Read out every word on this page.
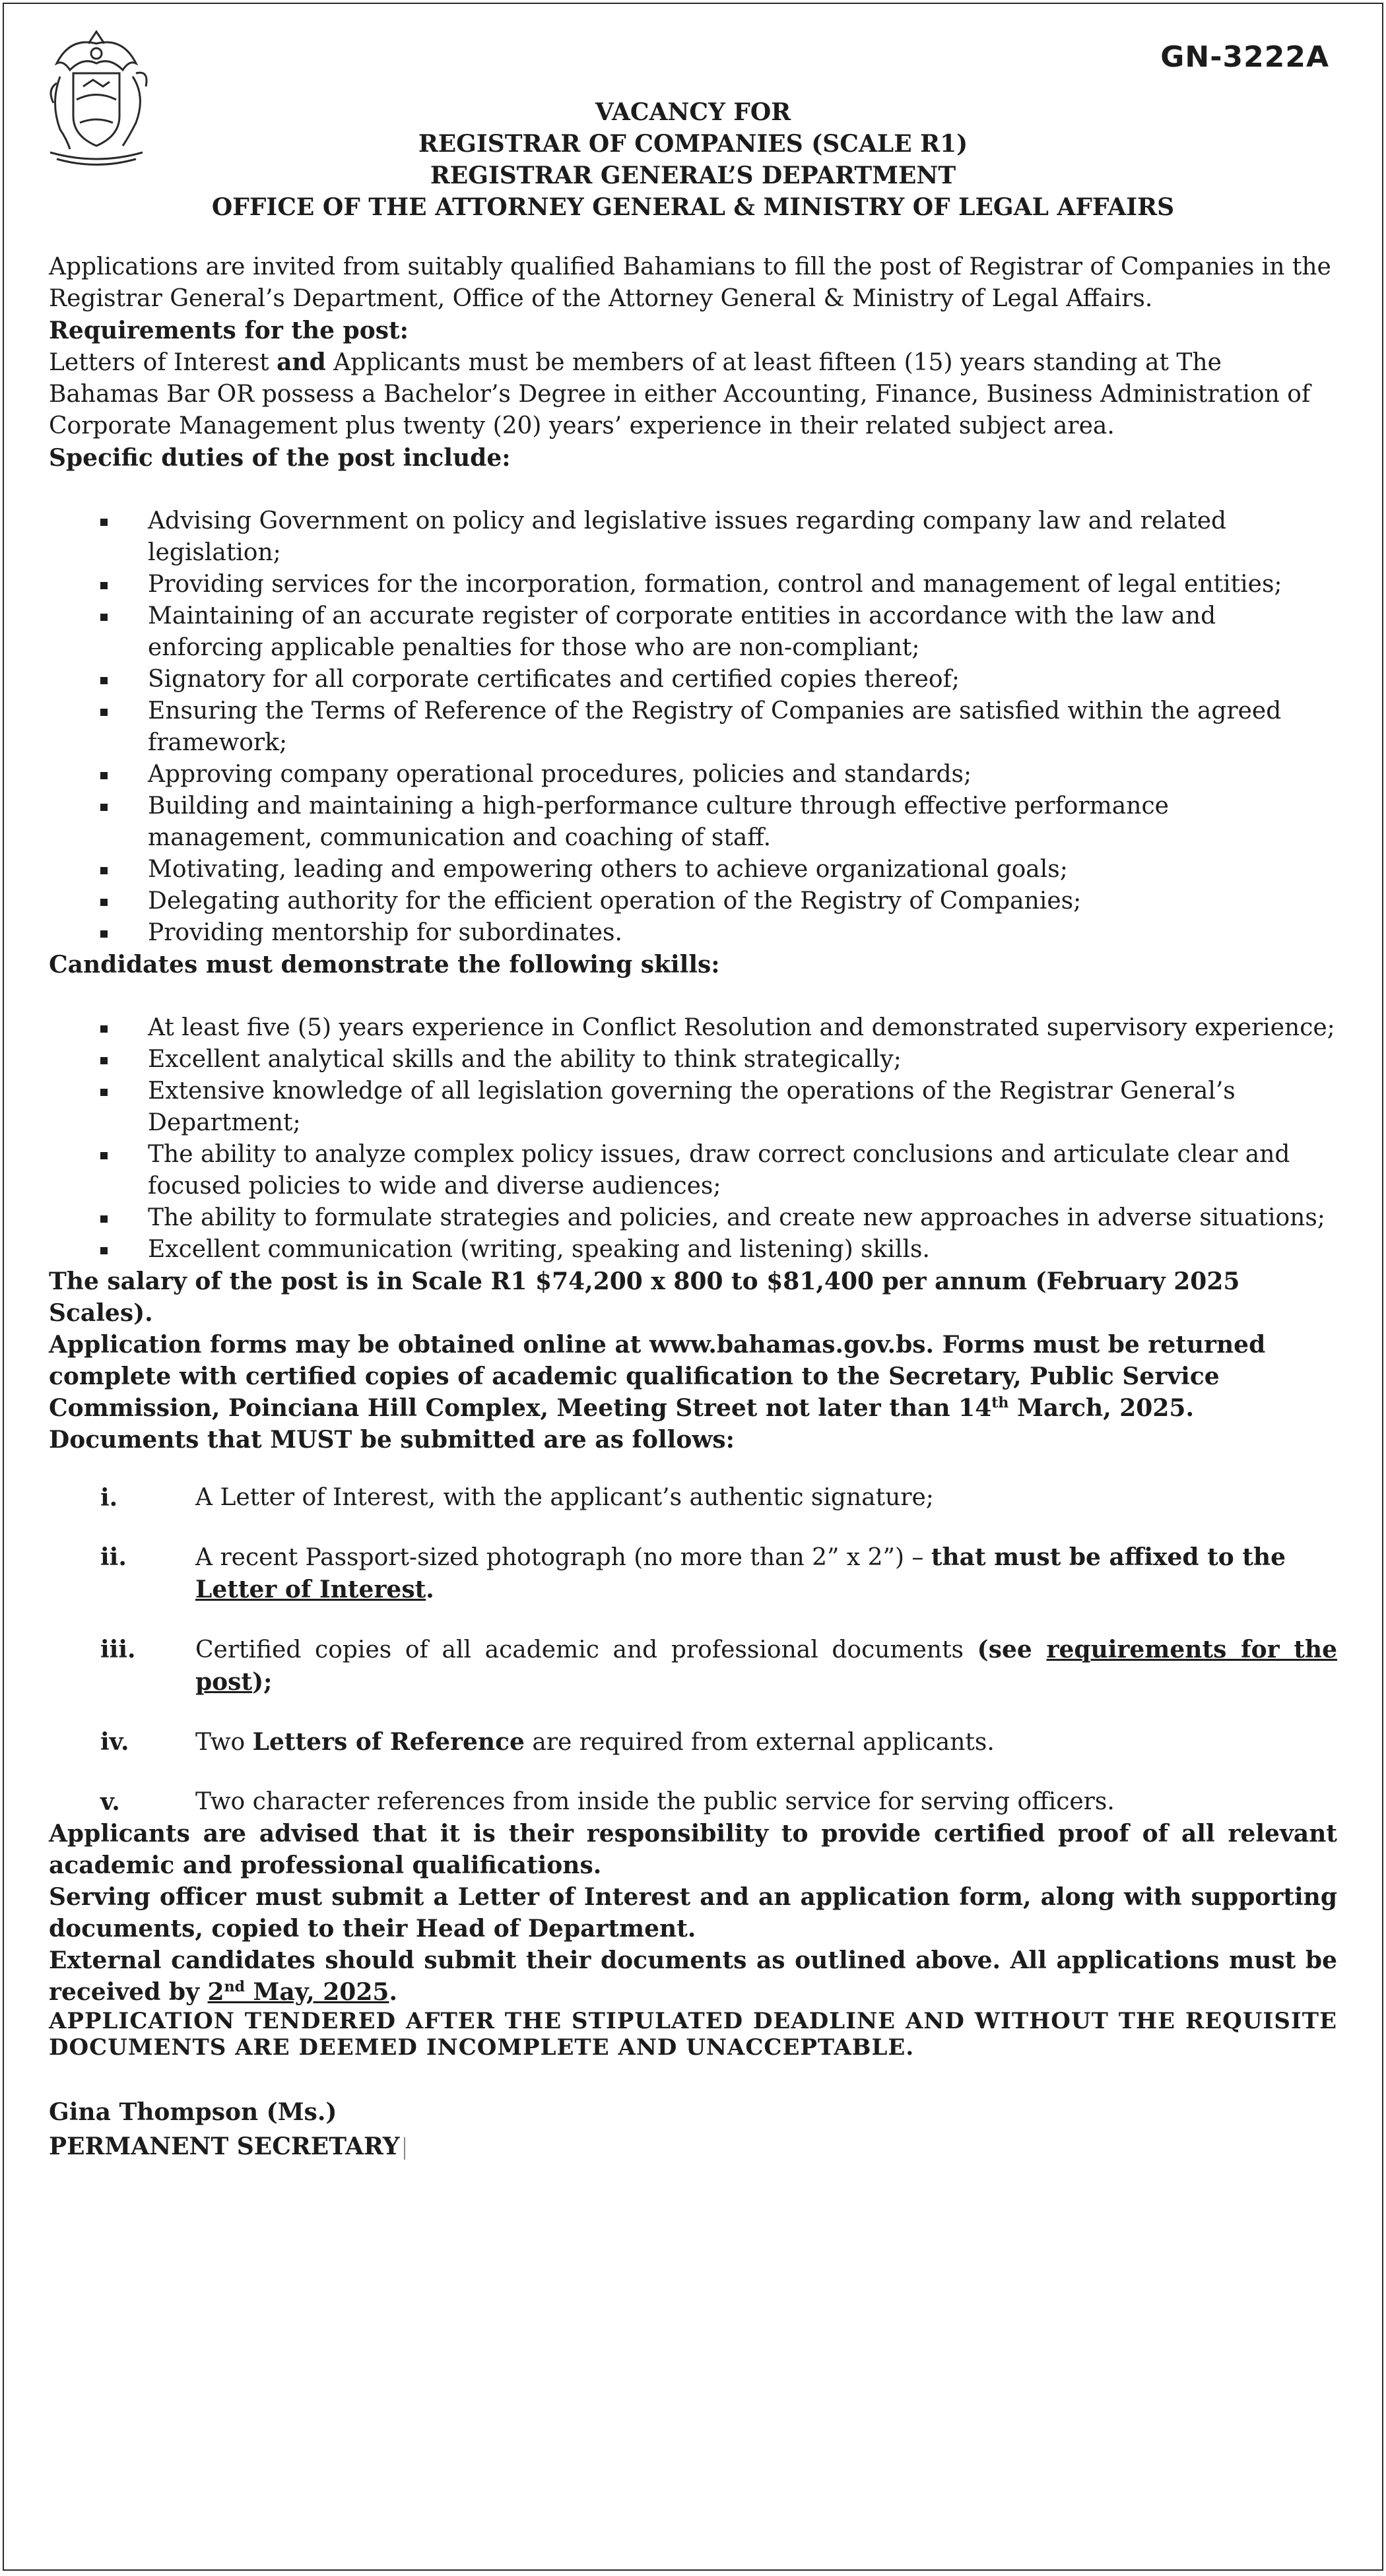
GN-3222A
VACANCY FOR
REGISTRAR OF COMPANIES (SCALE R1)
REGISTRAR GENERAL’S DEPARTMENT
OFFICE OF THE ATTORNEY GENERAL & MINISTRY OF LEGAL AFFAIRS

Applications are invited from suitably qualified Bahamians to fill the post of Registrar of Companies in the Registrar General’s Department, Office of the Attorney General & Ministry of Legal Affairs.

Requirements for the post:

Letters of Interest and Applicants must be members of at least fifteen (15) years standing at The Bahamas Bar OR possess a Bachelor’s Degree in either Accounting, Finance, Business Administration of Corporate Management plus twenty (20) years’ experience in their related subject area.

Specific duties of the post include:

Advising Government on policy and legislative issues regarding company law and related legislation;
Providing services for the incorporation, formation, control and management of legal entities;
Maintaining of an accurate register of corporate entities in accordance with the law and enforcing applicable penalties for those who are non-compliant;
Signatory for all corporate certificates and certified copies thereof;
Ensuring the Terms of Reference of the Registry of Companies are satisfied within the agreed framework;
Approving company operational procedures, policies and standards;
Building and maintaining a high-performance culture through effective performance management, communication and coaching of staff.
Motivating, leading and empowering others to achieve organizational goals;
Delegating authority for the efficient operation of the Registry of Companies;
Providing mentorship for subordinates.

Candidates must demonstrate the following skills:

At least five (5) years experience in Conflict Resolution and demonstrated supervisory experience;
Excellent analytical skills and the ability to think strategically;
Extensive knowledge of all legislation governing the operations of the Registrar General’s Department;
The ability to analyze complex policy issues, draw correct conclusions and articulate clear and focused policies to wide and diverse audiences;
The ability to formulate strategies and policies, and create new approaches in adverse situations;
Excellent communication (writing, speaking and listening) skills.

The salary of the post is in Scale R1 $74,200 x 800 to $81,400 per annum (February 2025 Scales).

Application forms may be obtained online at www.bahamas.gov.bs. Forms must be returned complete with certified copies of academic qualification to the Secretary, Public Service Commission, Poinciana Hill Complex, Meeting Street not later than 14th March, 2025.

Documents that MUST be submitted are as follows:

i.	A Letter of Interest, with the applicant’s authentic signature;
ii.	A recent Passport-sized photograph (no more than 2” x 2”) – that must be affixed to the Letter of Interest.
iii.	Certified copies of all academic and professional documents (see requirements for the post);
iv.	Two Letters of Reference are required from external applicants.
v.	Two character references from inside the public service for serving officers.

Applicants are advised that it is their responsibility to provide certified proof of all relevant academic and professional qualifications.

Serving officer must submit a Letter of Interest and an application form, along with supporting documents, copied to their Head of Department.

External candidates should submit their documents as outlined above. All applications must be received by 2nd May, 2025.

APPLICATION TENDERED AFTER THE STIPULATED DEADLINE AND WITHOUT THE REQUISITE DOCUMENTS ARE DEEMED INCOMPLETE AND UNACCEPTABLE.

Gina Thompson (Ms.)
PERMANENT SECRETARY
